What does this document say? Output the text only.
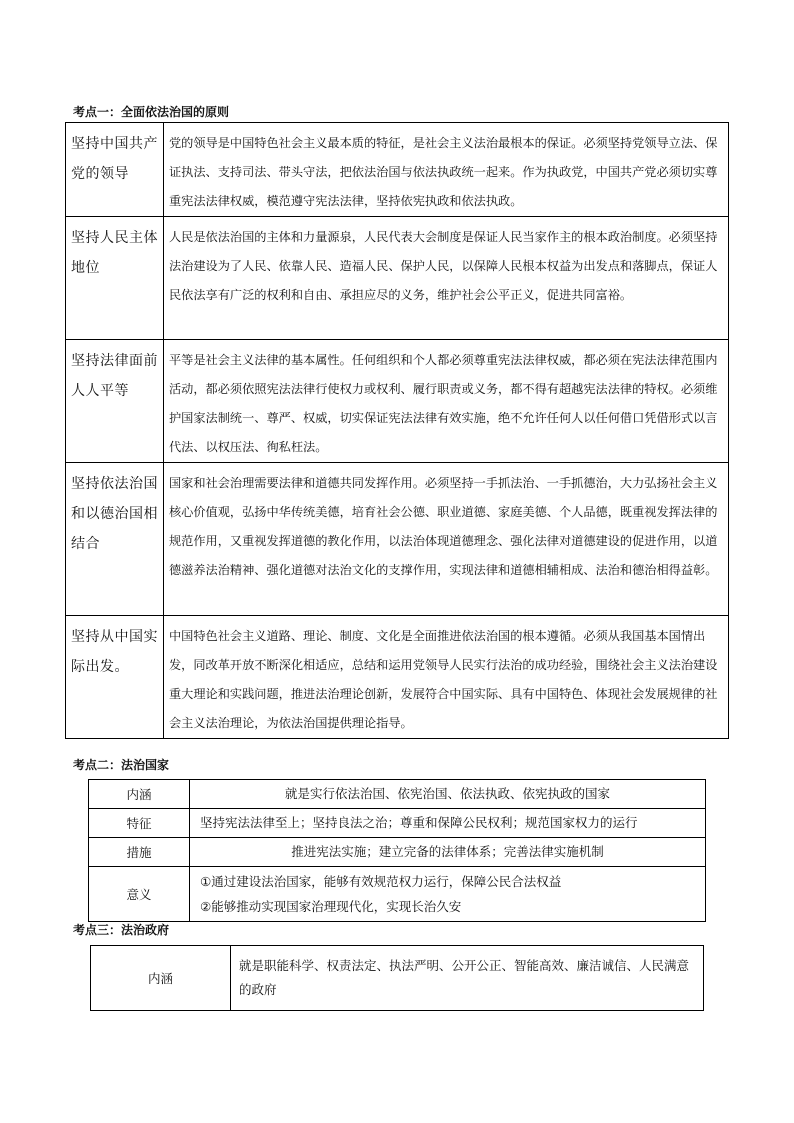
考点一：全面依法治国的原则
坚持中国共产党的领导	党的领导是中国特色社会主义最本质的特征，是社会主义法治最根本的保证。必须坚持党领导立法、保证执法、支持司法、带头守法，把依法治国与依法执政统一起来。作为执政党，中国共产党必须切实尊重宪法法律权威，模范遵守宪法法律，坚持依宪执政和依法执政。

坚持人民主体地位	人民是依法治国的主体和力量源泉，人民代表大会制度是保证人民当家作主的根本政治制度。必须坚持法治建设为了人民、依靠人民、造福人民、保护人民，以保障人民根本权益为出发点和落脚点，保证人民依法享有广泛的权利和自由、承担应尽的义务，维护社会公平正义，促进共同富裕。

坚持法律面前人人平等	平等是社会主义法律的基本属性。任何组织和个人都必须尊重宪法法律权威，都必须在宪法法律范围内活动，都必须依照宪法法律行使权力或权利、履行职责或义务，都不得有超越宪法法律的特权。必须维护国家法制统一、尊严、权威，切实保证宪法法律有效实施，绝不允许任何人以任何借口凭借形式以言代法、以权压法、徇私枉法。

坚持依法治国和以德治国相结合	国家和社会治理需要法律和道德共同发挥作用。必须坚持一手抓法治、一手抓德治，大力弘扬社会主义核心价值观，弘扬中华传统美德，培育社会公德、职业道德、家庭美德、个人品德，既重视发挥法律的规范作用，又重视发挥道德的教化作用，以法治体现道德理念、强化法律对道德建设的促进作用，以道德滋养法治精神、强化道德对法治文化的支撑作用，实现法律和道德相辅相成、法治和德治相得益彰。

坚持从中国实际出发。	中国特色社会主义道路、理论、制度、文化是全面推进依法治国的根本遵循。必须从我国基本国情出发，同改革开放不断深化相适应，总结和运用党领导人民实行法治的成功经验，围绕社会主义法治建设重大理论和实践问题，推进法治理论创新，发展符合中国实际、具有中国特色、体现社会发展规律的社会主义法治理论，为依法治国提供理论指导。
考点二：法治国家
内涵	就是实行依法治国、依宪治国、依法执政、依宪执政的国家
特征	坚持宪法法律至上；坚持良法之治；尊重和保障公民权利；规范国家权力的运行
措施	推进宪法实施；建立完备的法律体系；完善法律实施机制
意义	①通过建设法治国家，能够有效规范权力运行，保障公民合法权益
②能够推动实现国家治理现代化，实现长治久安
考点三：法治政府
内涵	就是职能科学、权责法定、执法严明、公开公正、智能高效、廉洁诚信、人民满意的政府
